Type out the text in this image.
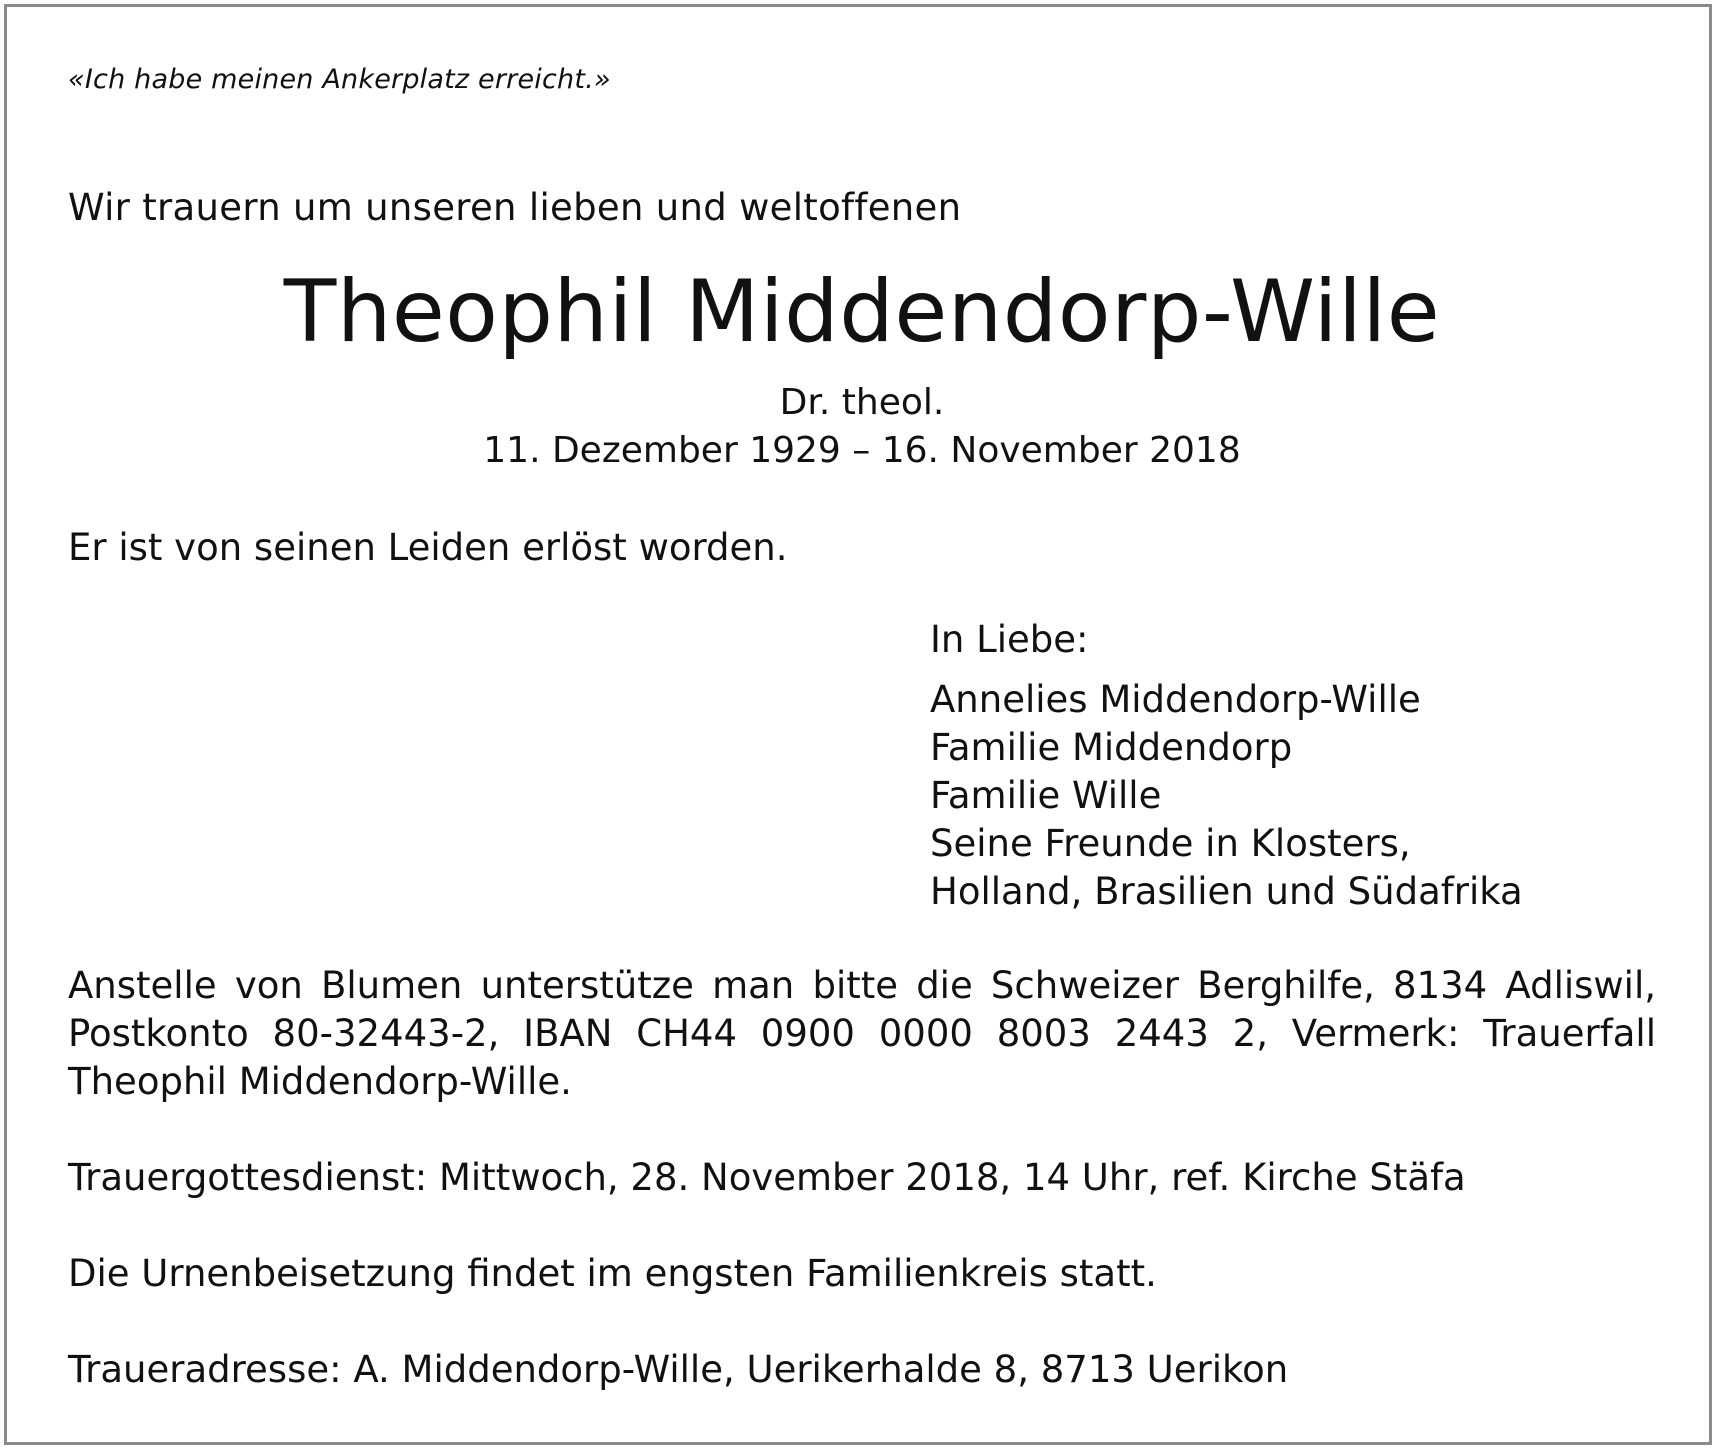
«Ich habe meinen Ankerplatz erreicht.»
Wir trauern um unseren lieben und weltoffenen
Theophil Middendorp-Wille
Dr. theol.
11. Dezember 1929 – 16. November 2018
Er ist von seinen Leiden erlöst worden.
In Liebe:
Annelies Middendorp-Wille
Familie Middendorp
Familie Wille
Seine Freunde in Klosters,
Holland, Brasilien und Südafrika
Anstelle von Blumen unterstütze man bitte die Schweizer Berghilfe, 8134 Adliswil, Postkonto 80-32443-2, IBAN CH44 0900 0000 8003 2443 2, Vermerk: Trauerfall Theophil Middendorp-Wille.
Trauergottesdienst: Mittwoch, 28. November 2018, 14 Uhr, ref. Kirche Stäfa
Die Urnenbeisetzung findet im engsten Familienkreis statt.
Traueradresse: A. Middendorp-Wille, Uerikerhalde 8, 8713 Uerikon
